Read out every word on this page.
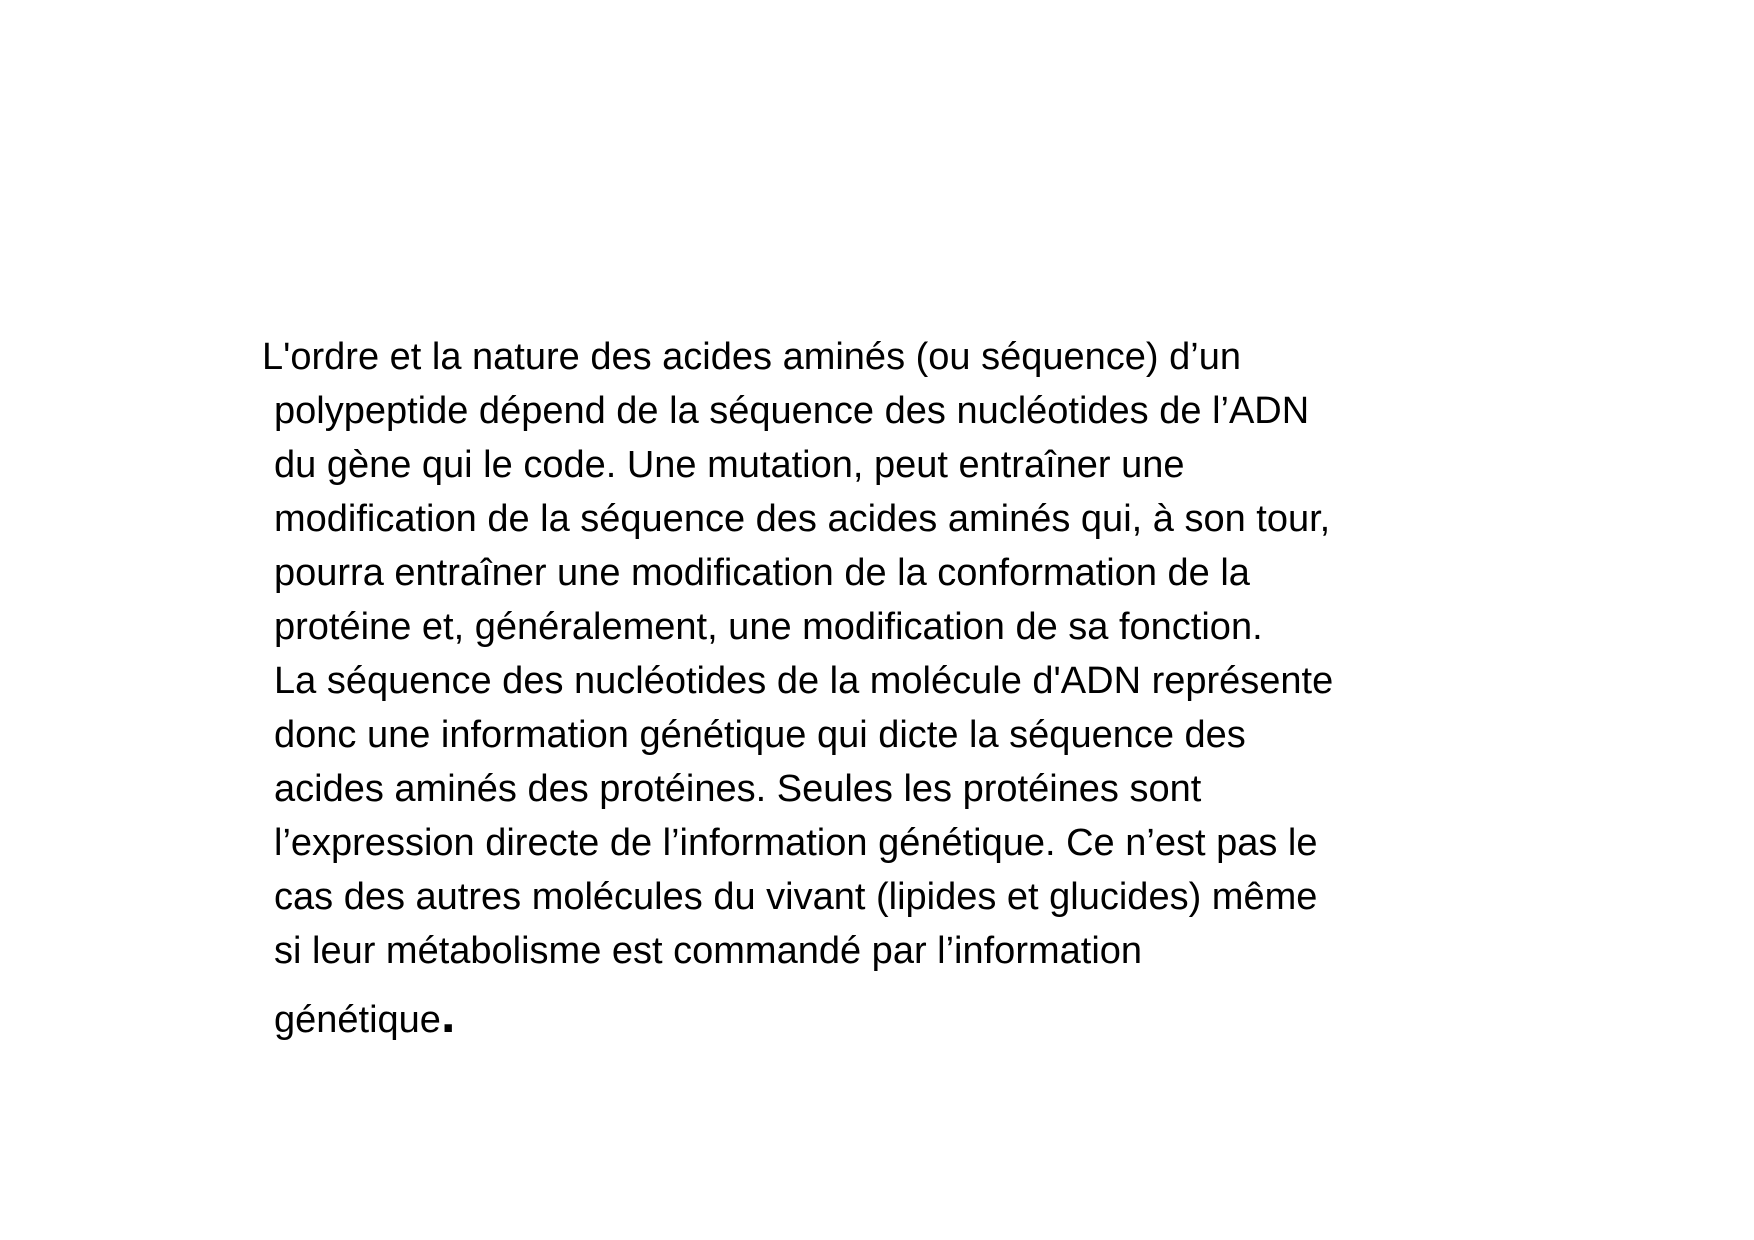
L'ordre et la nature des acides aminés (ou séquence) d’un
polypeptide dépend de la séquence des nucléotides de l’ADN
du gène qui le code. Une mutation, peut entraîner une
modification de la séquence des acides aminés qui, à son tour,
pourra entraîner une modification de la conformation de la
protéine et, généralement, une modification de sa fonction.
La séquence des nucléotides de la molécule d'ADN représente
donc une information génétique qui dicte la séquence des
acides aminés des protéines. Seules les protéines sont
l’expression directe de l’information génétique. Ce n’est pas le
cas des autres molécules du vivant (lipides et glucides) même
si leur métabolisme est commandé par l’information
génétique.
